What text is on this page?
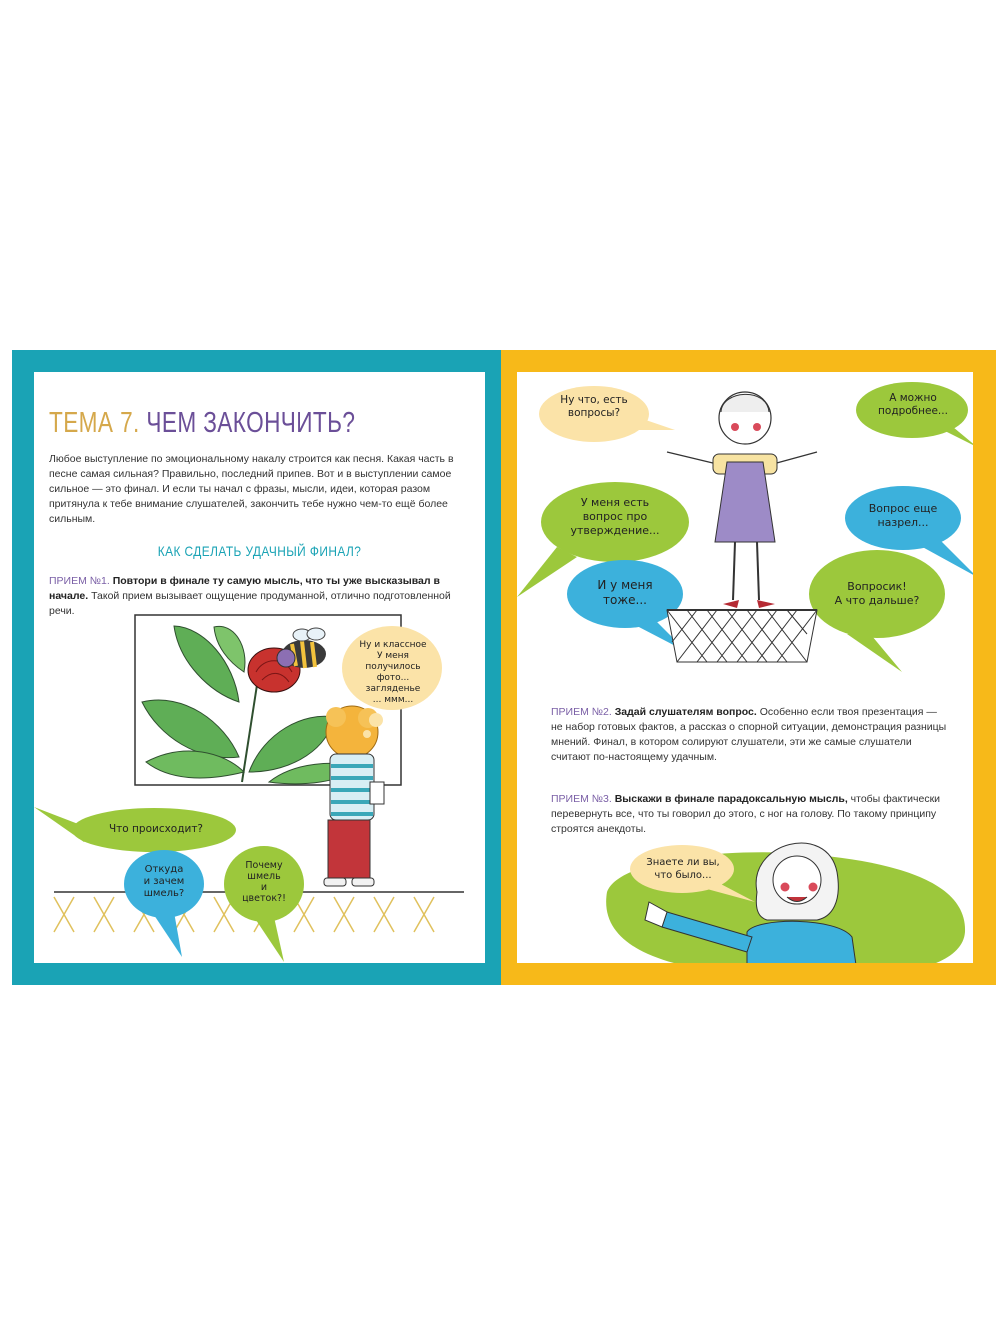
ТЕМА 7. ЧЕМ ЗАКОНЧИТЬ?
Любое выступление по эмоциональному накалу строится как песня. Какая часть в песне самая сильная? Правильно, последний припев. Вот и в выступлении самое сильное — это финал. И если ты начал с фразы, мысли, идеи, которая разом притянула к тебе внимание слушателей, закончить тебе нужно чем-то ещё более сильным.
КАК СДЕЛАТЬ УДАЧНЫЙ ФИНАЛ?
ПРИЕМ №1. Повтори в финале ту самую мысль, что ты уже высказывал в начале. Такой прием вызывает ощущение продуманной, отлично подготовленной речи.
Ну и классное
У меня получилось
фото... загляденье
... ммм...
Что происходит?
Откуда
и зачем
шмель?
Почему
шмель
и
цветок?!
Ну что, есть
вопросы?
А можно
подробнее...
У меня есть
вопрос про
утверждение...
Вопрос еще
назрел...
И у меня
тоже...
Вопросик!
А что дальше?
ПРИЕМ №2. Задай слушателям вопрос. Особенно если твоя презентация — не набор готовых фактов, а рассказ о спорной ситуации, демонстрация разницы мнений. Финал, в котором солируют слушатели, эти же самые слушатели считают по-настоящему удачным.
ПРИЕМ №3. Выскажи в финале парадоксальную мысль, чтобы фактически перевернуть все, что ты говорил до этого, с ног на голову. По такому принципу строятся анекдоты.
Знаете ли вы,
что было...
